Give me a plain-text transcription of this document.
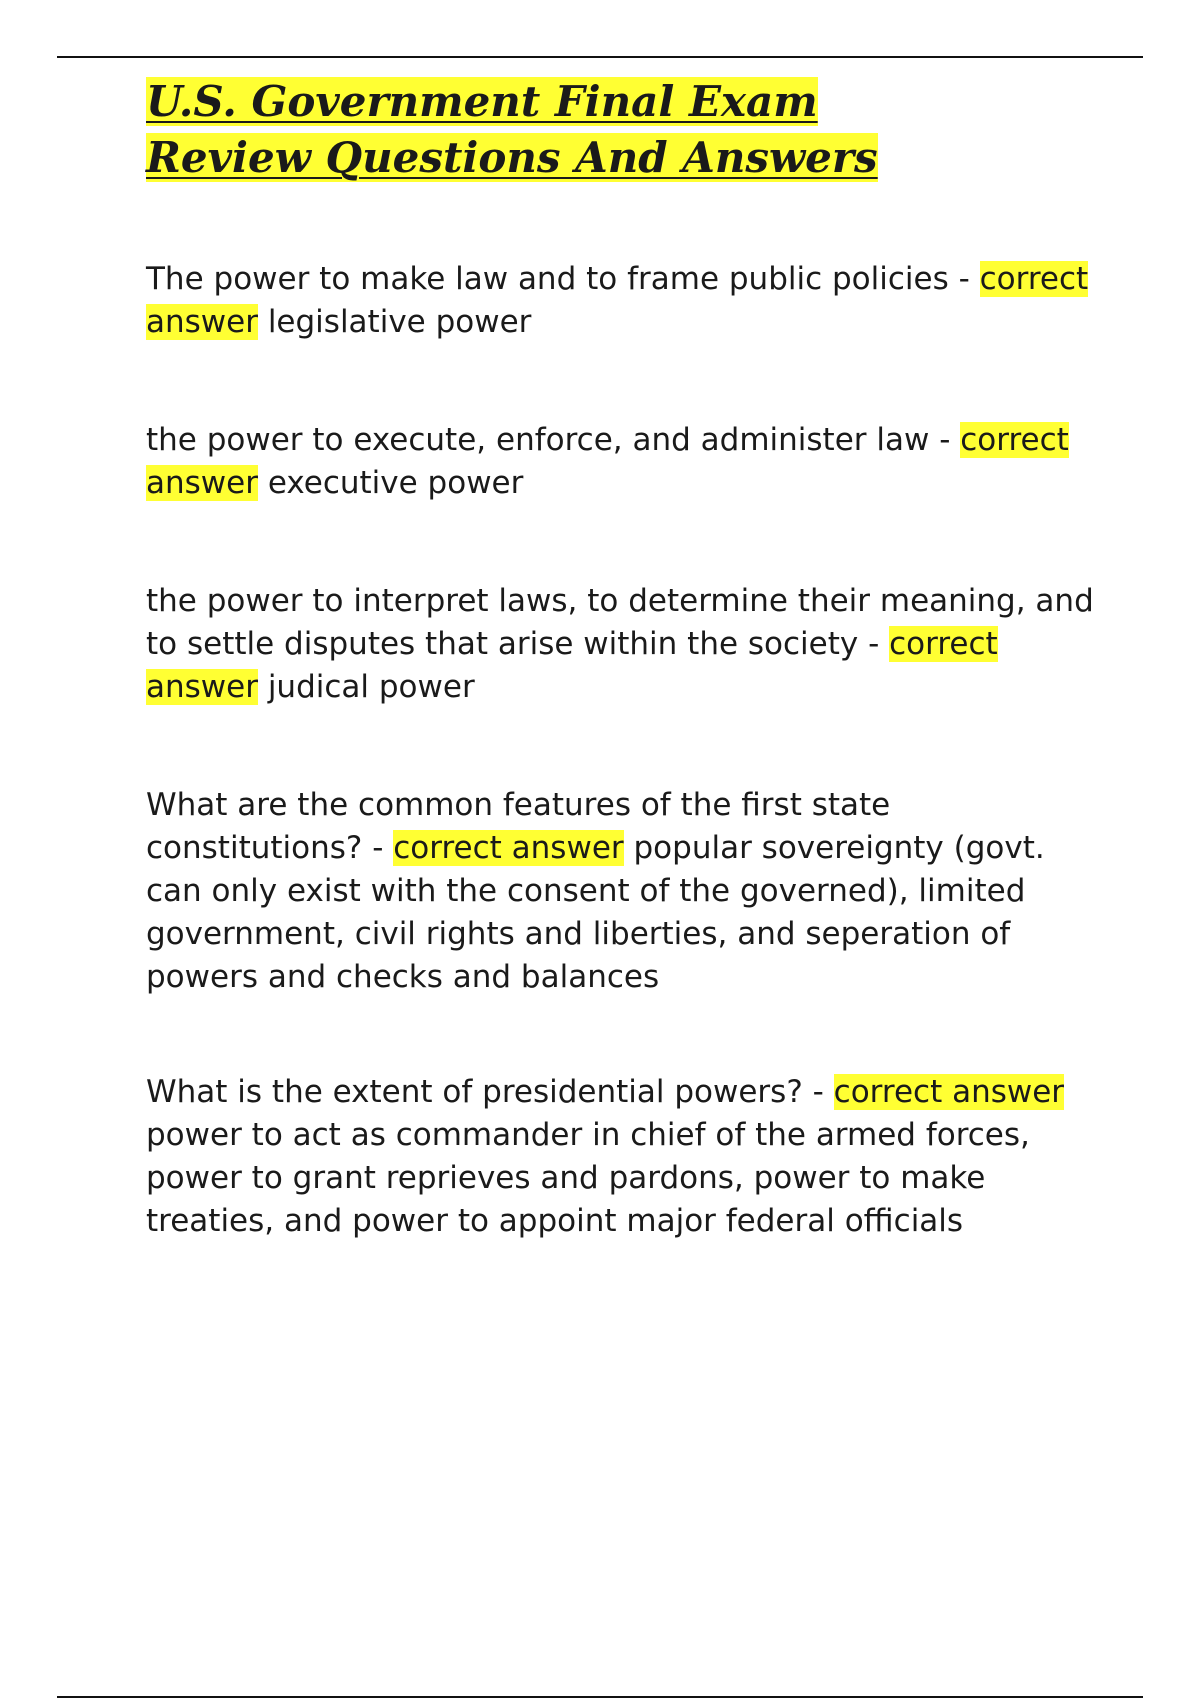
U.S. Government Final Exam Review Questions And Answers

The power to make law and to frame public policies - correct answer legislative power

the power to execute, enforce, and administer law - correct answer executive power

the power to interpret laws, to determine their meaning, and to settle disputes that arise within the society - correct answer judical power

What are the common features of the first state constitutions? - correct answer popular sovereignty (govt. can only exist with the consent of the governed), limited government, civil rights and liberties, and seperation of powers and checks and balances

What is the extent of presidential powers? - correct answer power to act as commander in chief of the armed forces, power to grant reprieves and pardons, power to make treaties, and power to appoint major federal officials
